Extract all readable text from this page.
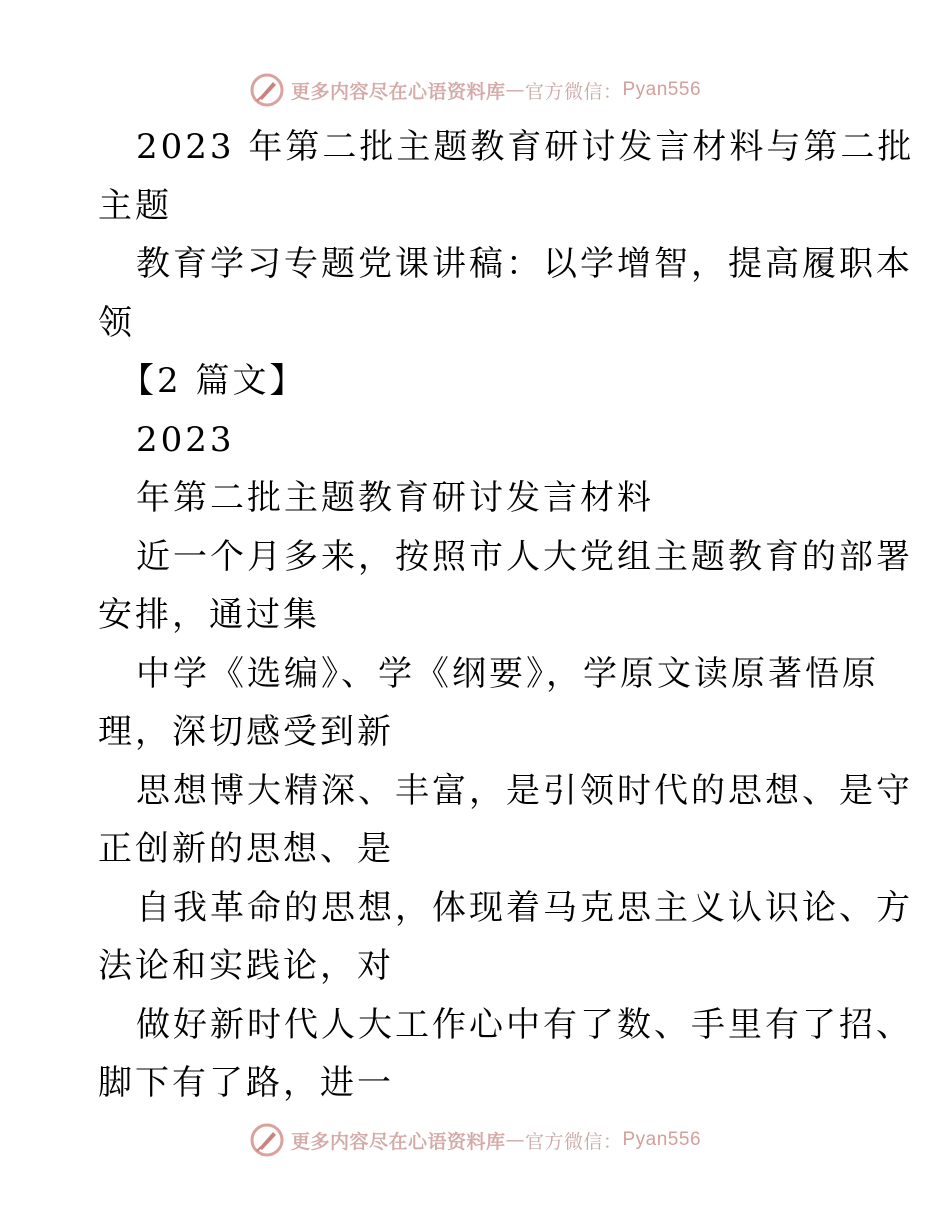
更多内容尽在心语资料库 — 官方微信： Pyan556
2023 年第二批主题教育研讨发言材料与第二批
主题
教育学习专题党课讲稿：以学增智，提高履职本
领
【2 篇文】
2023
年第二批主题教育研讨发言材料
近一个月多来，按照市人大党组主题教育的部署
安排，通过集
中学《选编》、学《纲要》，学原文读原著悟原
理，深切感受到新
思想博大精深、丰富，是引领时代的思想、是守
正创新的思想、是
自我革命的思想，体现着马克思主义认识论、方
法论和实践论，对
做好新时代人大工作心中有了数、手里有了招、
脚下有了路，进一
更多内容尽在心语资料库 — 官方微信： Pyan556
